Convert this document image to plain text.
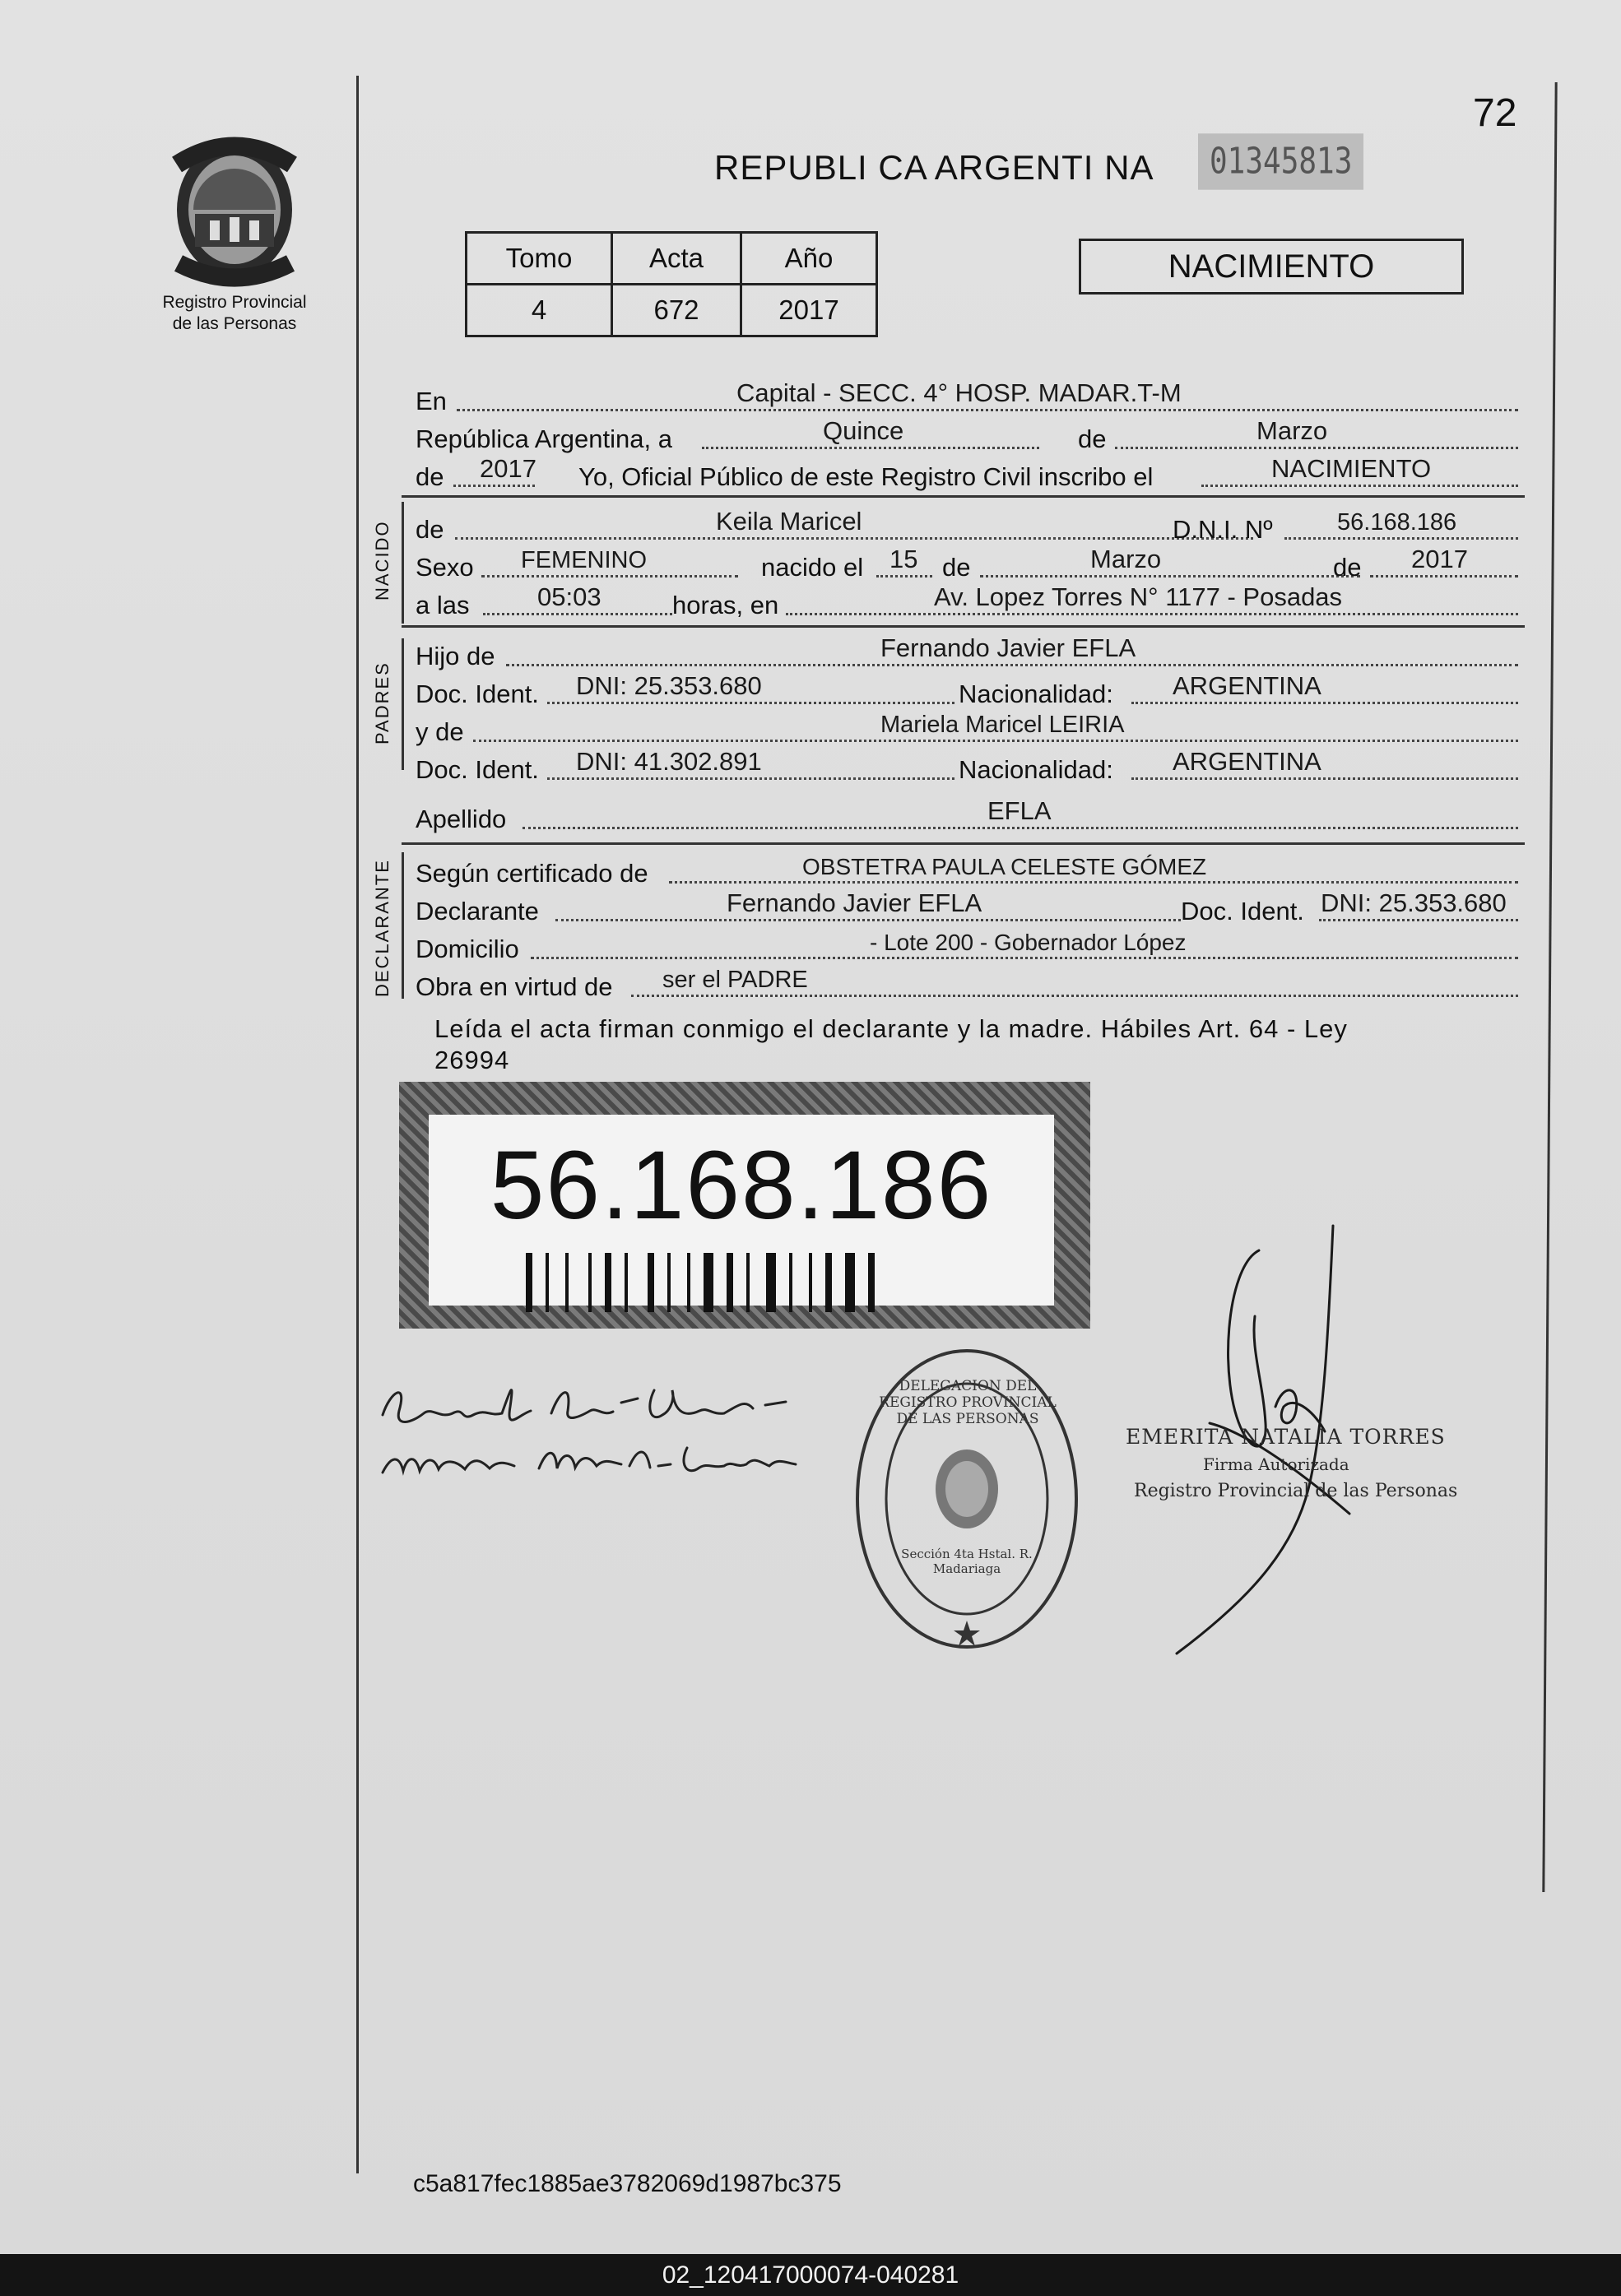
Registro Provincial
de las Personas
72
REPUBLI CA ARGENTI NA	01345813
Tomo	Acta	Año
4	672	2017
NACIMIENTO
En	Capital - SECC. 4° HOSP. MADAR.T-M
República Argentina, a	Quince	de	Marzo
de 2017 Yo, Oficial Público de este Registro Civil inscribo el	NACIMIENTO
NACIDO de	Keila Maricel	D.N.I. Nº	56.168.186
Sexo FEMENINO	nacido el 15 de	Marzo	de 2017
a las	05:03	horas, en	Av. Lopez Torres N° 1177 - Posadas
PADRES
Hijo de	Fernando Javier EFLA
Doc. Ident. DNI: 25.353.680	Nacionalidad: ARGENTINA
y de	Mariela Maricel LEIRIA
Doc. Ident. DNI: 41.302.891	Nacionalidad: ARGENTINA
Apellido	EFLA
DECLARANTE Según certificado de	OBSTETRA PAULA CELESTE GÓMEZ
Declarante	Fernando Javier EFLA	Doc. Ident. DNI: 25.353.680
Domicilio	- Lote 200 - Gobernador López
Obra en virtud de ser el PADRE
Leída el acta firman conmigo el declarante y la madre. Hábiles Art. 64 - Ley
26994
56.168.186
DELEGACION DEL REGISTRO PROVINCIAL DE LAS PERSONAS
Sección 4ta Hstal. R. Madariaga
EMERITA NATALIA TORRES
Firma Autorizada
Registro Provincial de las Personas
c5a817fec1885ae3782069d1987bc375
02_120417000074-040281
